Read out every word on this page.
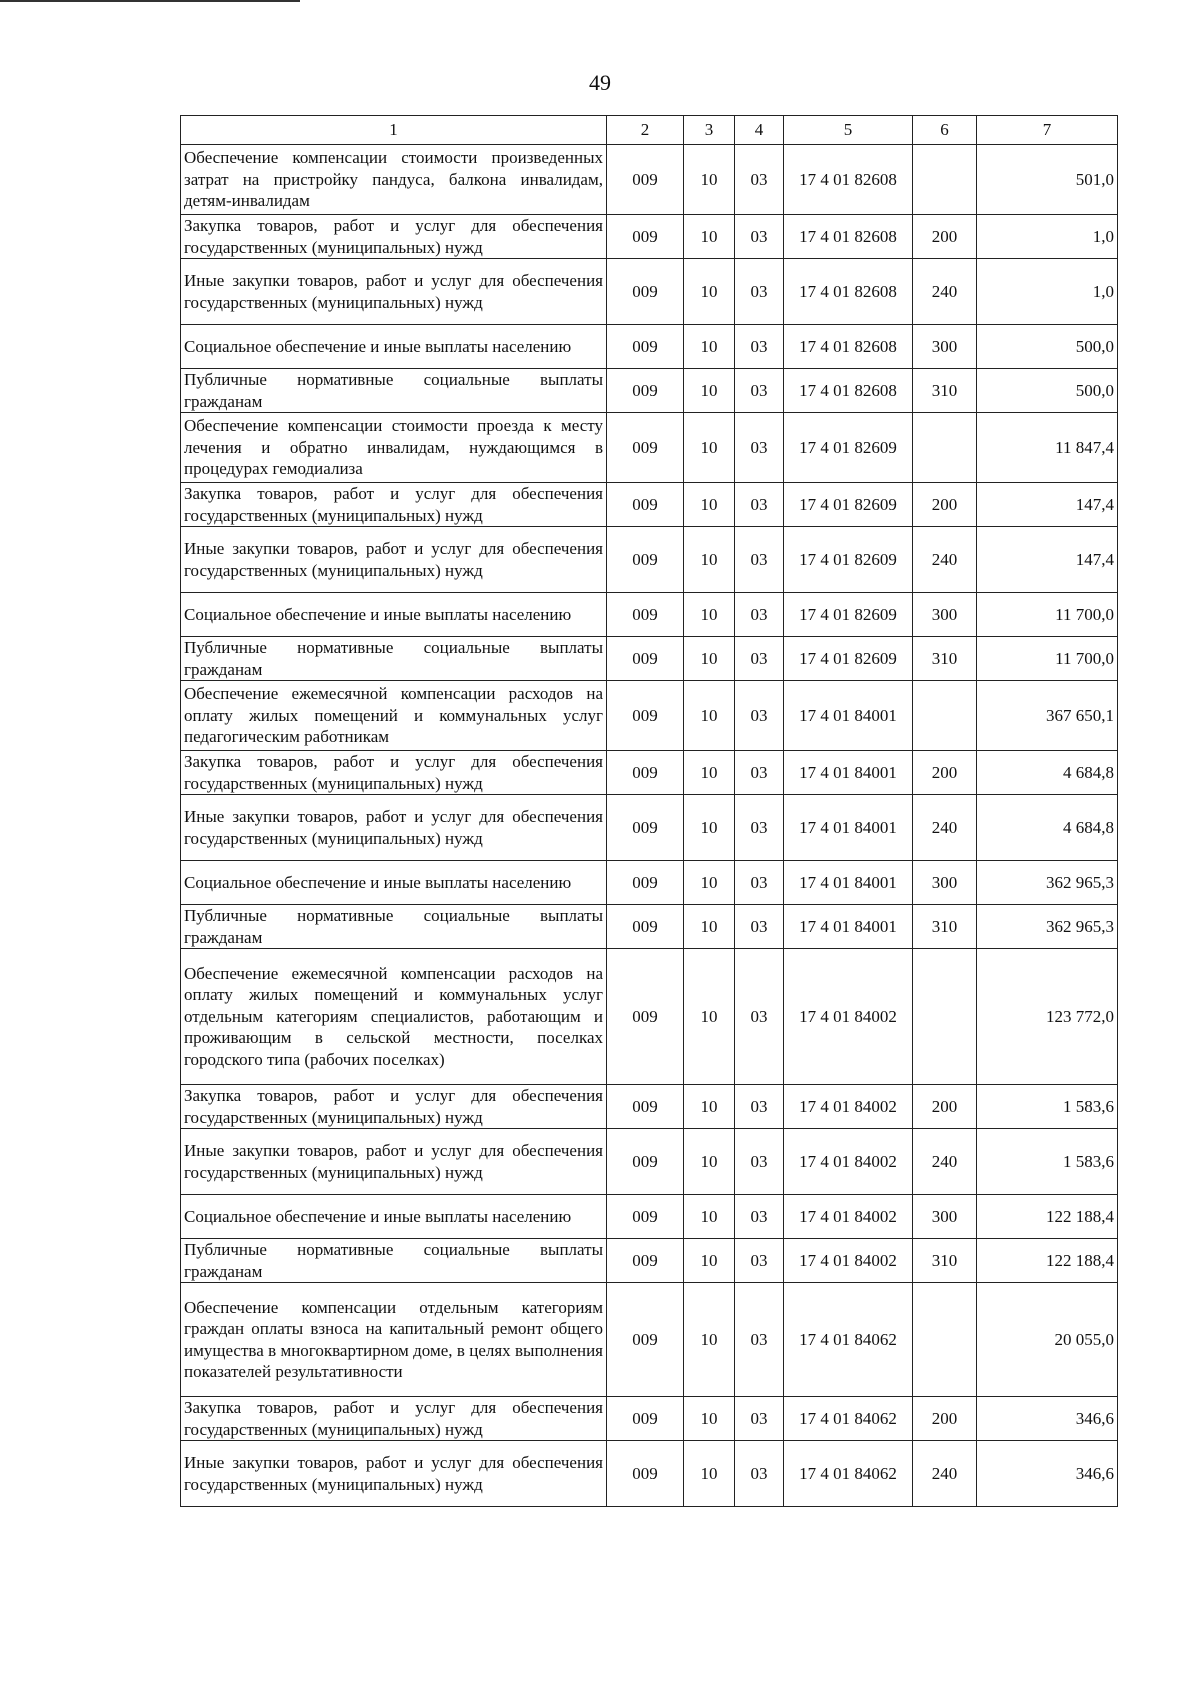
49
1	2	3	4	5	6	7
Обеспечение компенсации стоимости произведенных затрат на пристройку пандуса, балкона инвалидам, детям-инвалидам	009	10	03	17 4 01 82608		501,0
Закупка товаров, работ и услуг для обеспечения государственных (муниципальных) нужд	009	10	03	17 4 01 82608	200	1,0
Иные закупки товаров, работ и услуг для обеспечения государственных (муниципальных) нужд	009	10	03	17 4 01 82608	240	1,0
Социальное обеспечение и иные выплаты населению	009	10	03	17 4 01 82608	300	500,0
Публичные нормативные социальные выплаты гражданам	009	10	03	17 4 01 82608	310	500,0
Обеспечение компенсации стоимости проезда к месту лечения и обратно инвалидам, нуждающимся в процедурах гемодиализа	009	10	03	17 4 01 82609		11 847,4
Закупка товаров, работ и услуг для обеспечения государственных (муниципальных) нужд	009	10	03	17 4 01 82609	200	147,4
Иные закупки товаров, работ и услуг для обеспечения государственных (муниципальных) нужд	009	10	03	17 4 01 82609	240	147,4
Социальное обеспечение и иные выплаты населению	009	10	03	17 4 01 82609	300	11 700,0
Публичные нормативные социальные выплаты гражданам	009	10	03	17 4 01 82609	310	11 700,0
Обеспечение ежемесячной компенсации расходов на оплату жилых помещений и коммунальных услуг педагогическим работникам	009	10	03	17 4 01 84001		367 650,1
Закупка товаров, работ и услуг для обеспечения государственных (муниципальных) нужд	009	10	03	17 4 01 84001	200	4 684,8
Иные закупки товаров, работ и услуг для обеспечения государственных (муниципальных) нужд	009	10	03	17 4 01 84001	240	4 684,8
Социальное обеспечение и иные выплаты населению	009	10	03	17 4 01 84001	300	362 965,3
Публичные нормативные социальные выплаты гражданам	009	10	03	17 4 01 84001	310	362 965,3
Обеспечение ежемесячной компенсации расходов на оплату жилых помещений и коммунальных услуг отдельным категориям специалистов, работающим и проживающим в сельской местности, поселках городского типа (рабочих поселках)	009	10	03	17 4 01 84002		123 772,0
Закупка товаров, работ и услуг для обеспечения государственных (муниципальных) нужд	009	10	03	17 4 01 84002	200	1 583,6
Иные закупки товаров, работ и услуг для обеспечения государственных (муниципальных) нужд	009	10	03	17 4 01 84002	240	1 583,6
Социальное обеспечение и иные выплаты населению	009	10	03	17 4 01 84002	300	122 188,4
Публичные нормативные социальные выплаты гражданам	009	10	03	17 4 01 84002	310	122 188,4
Обеспечение компенсации отдельным категориям граждан оплаты взноса на капитальный ремонт общего имущества в многоквартирном доме, в целях выполнения показателей результативности	009	10	03	17 4 01 84062		20 055,0
Закупка товаров, работ и услуг для обеспечения государственных (муниципальных) нужд	009	10	03	17 4 01 84062	200	346,6
Иные закупки товаров, работ и услуг для обеспечения государственных (муниципальных) нужд	009	10	03	17 4 01 84062	240	346,6
